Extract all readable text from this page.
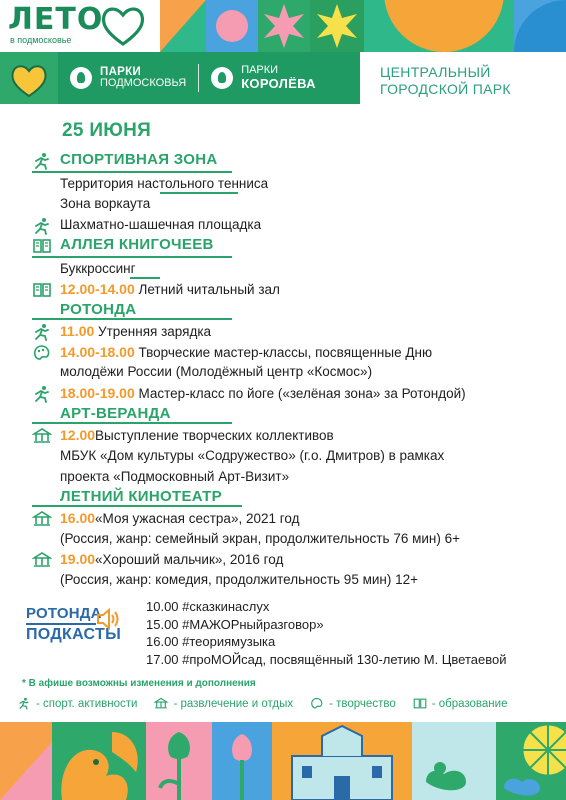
ЛЕТО
в подмосковье
ПАРКИ
ПОДМОСКОВЬЯ
ПАРКИ
КОРОЛЁВА
ЦЕНТРАЛЬНЫЙ
ГОРОДСКОЙ ПАРК
25 ИЮНЯ
СПОРТИВНАЯ ЗОНА
Территория настольного тенниса
Зона воркаута
Шахматно-шашечная площадка
АЛЛЕЯ КНИГОЧЕЕВ
Буккроссинг
12.00-14.00 Летний читальный зал
РОТОНДА
11.00 Утренняя зарядка
14.00-18.00 Творческие мастер-классы, посвященные Дню
молодёжи России (Молодёжный центр «Космос»)
18.00-19.00 Мастер-класс по йоге («зелёная зона» за Ротондой)
АРТ-ВЕРАНДА
12.00Выступление творческих коллективов
МБУК «Дом культуры «Содружество» (г.о. Дмитров) в рамках
проекта «Подмосковный Арт-Визит»
ЛЕТНИЙ КИНОТЕАТР
16.00«Моя ужасная сестра», 2021 год
(Россия, жанр: семейный экран, продолжительность 76 мин) 6+
19.00«Хороший мальчик», 2016 год
(Россия, жанр: комедия, продолжительность 95 мин) 12+
РОТОНДА
ПОДКАСТЫ
10.00 #сказкинаслух
15.00 #МАЖОРныйразговор»
16.00 #теориямузыка
17.00 #проМОЙсад, посвящённый 130-летию М. Цветаевой
* В афише возможны изменения и дополнения
- спорт. активности	- развлечение и отдых	- творчество	- образование
